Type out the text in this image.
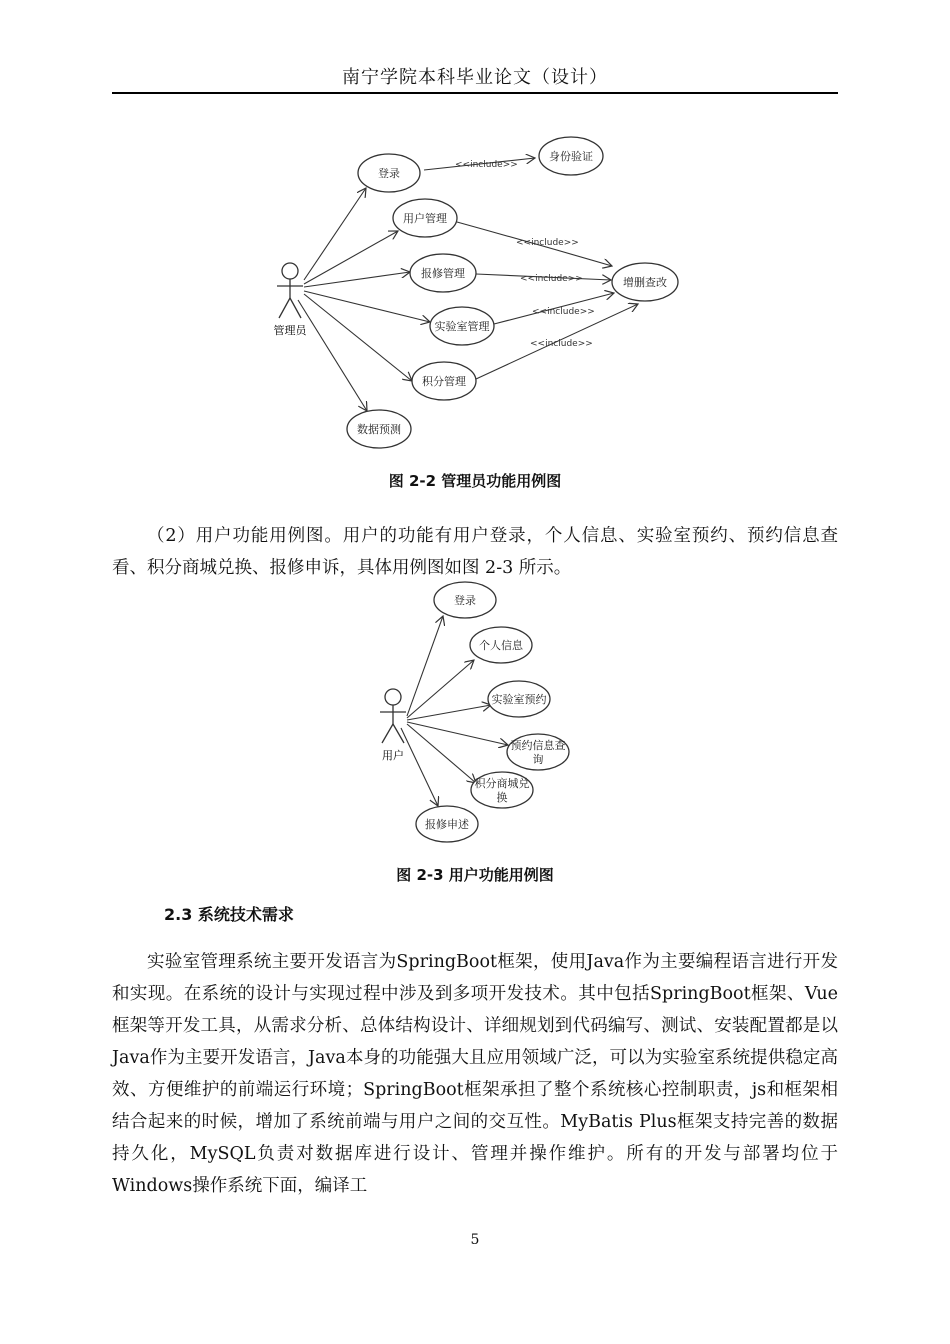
南宁学院本科毕业论文（设计）
管理员
<<include>>
<<include>>
<<include>>
<<include>>
<<include>>
登录
用户管理
报修管理
实验室管理
积分管理
数据预测
身份验证
增删查改
图 2-2 管理员功能用例图
（2）用户功能用例图。用户的功能有用户登录，个人信息、实验室预约、预约信息查看、积分商城兑换、报修申诉，具体用例图如图 2-3 所示。
用户
登录
个人信息
实验室预约
预约信息查
询
积分商城兑
换
报修申述
图 2-3 用户功能用例图
2.3 系统技术需求
实验室管理系统主要开发语言为SpringBoot框架，使用Java作为主要编程语言进行开发和实现。在系统的设计与实现过程中涉及到多项开发技术。其中包括SpringBoot框架、Vue框架等开发工具，从需求分析、总体结构设计、详细规划到代码编写、测试、安装配置都是以Java作为主要开发语言，Java本身的功能强大且应用领域广泛，可以为实验室系统提供稳定高效、方便维护的前端运行环境；SpringBoot框架承担了整个系统核心控制职责，js和框架相结合起来的时候，增加了系统前端与用户之间的交互性。MyBatis Plus框架支持完善的数据持久化，MySQL负责对数据库进行设计、管理并操作维护。所有的开发与部署均位于Windows操作系统下面，编译工
5
